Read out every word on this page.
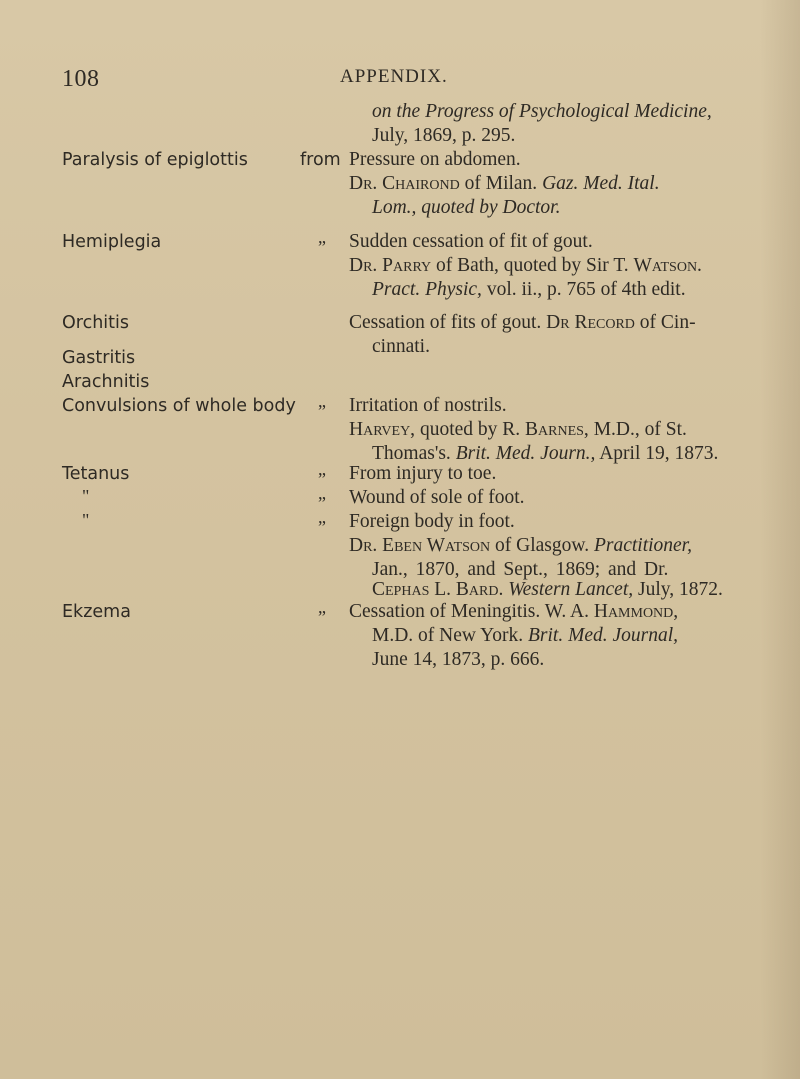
108	APPENDIX.
Paralysis of epiglottis
Hemiplegia
Orchitis
Gastritis
Arachnitis
Convulsions of whole body
Tetanus
"
"
Ekzema
from
„
„
„
„
„
„
on the Progress of Psychological Medicine,
July, 1869, p. 295.
Pressure on abdomen.
Dr. Chairond of Milan. Gaz. Med. Ital.
Lom., quoted by Doctor.
Sudden cessation of fit of gout.
Dr. Parry of Bath, quoted by Sir T. Watson.
Pract. Physic, vol. ii., p. 765 of 4th edit.
Cessation of fits of gout. Dr Record of Cin-
cinnati.
Irritation of nostrils.
Harvey, quoted by R. Barnes, M.D., of St.
Thomas's. Brit. Med. Journ., April 19, 1873.
From injury to toe.
Wound of sole of foot.
Foreign body in foot.
Dr. Eben Watson of Glasgow. Practitioner,
Jan., 1870, and Sept., 1869; and Dr.
Cephas L. Bard. Western Lancet, July, 1872.
Cessation of Meningitis. W. A. Hammond,
M.D. of New York. Brit. Med. Journal,
June 14, 1873, p. 666.
